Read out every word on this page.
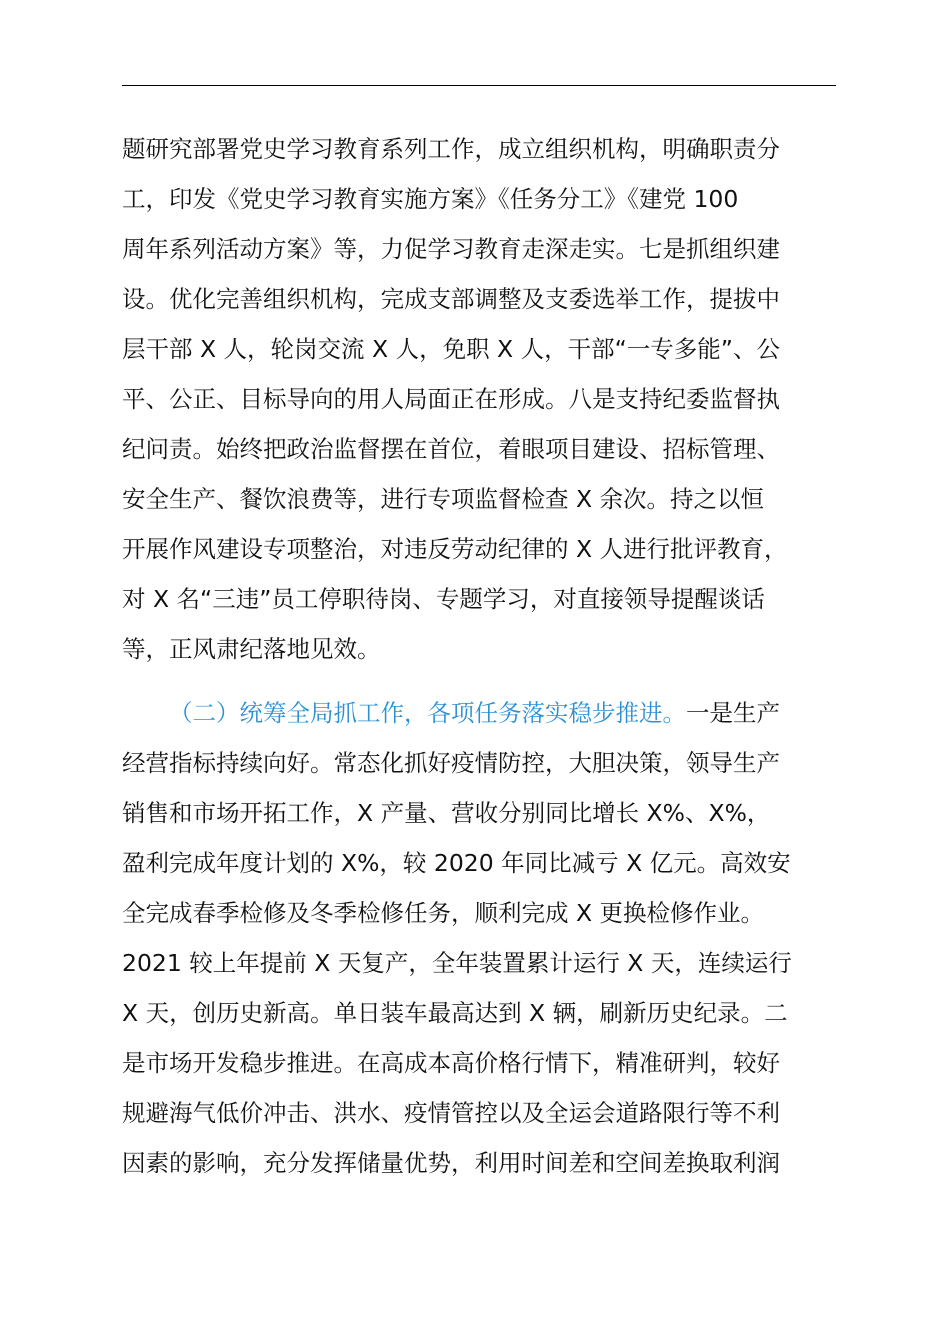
题研究部署党史学习教育系列工作，成立组织机构，明确职责分
工，印发《党史学习教育实施方案》《任务分工》《建党 100
周年系列活动方案》等，力促学习教育走深走实。七是抓组织建
设。优化完善组织机构，完成支部调整及支委选举工作，提拔中
层干部 X 人，轮岗交流 X 人，免职 X 人，干部“一专多能”、公
平、公正、目标导向的用人局面正在形成。八是支持纪委监督执
纪问责。始终把政治监督摆在首位，着眼项目建设、招标管理、
安全生产、餐饮浪费等，进行专项监督检查 X 余次。持之以恒
开展作风建设专项整治，对违反劳动纪律的 X 人进行批评教育，
对 X 名“三违”员工停职待岗、专题学习，对直接领导提醒谈话
等，正风肃纪落地见效。
（二）统筹全局抓工作，各项任务落实稳步推进。一是生产
经营指标持续向好。常态化抓好疫情防控，大胆决策，领导生产
销售和市场开拓工作，X 产量、营收分别同比增长 X%、X%，
盈利完成年度计划的 X%，较 2020 年同比减亏 X 亿元。高效安
全完成春季检修及冬季检修任务，顺利完成 X 更换检修作业。
2021 较上年提前 X 天复产，全年装置累计运行 X 天，连续运行
X 天，创历史新高。单日装车最高达到 X 辆，刷新历史纪录。二
是市场开发稳步推进。在高成本高价格行情下，精准研判，较好
规避海气低价冲击、洪水、疫情管控以及全运会道路限行等不利
因素的影响，充分发挥储量优势，利用时间差和空间差换取利润
